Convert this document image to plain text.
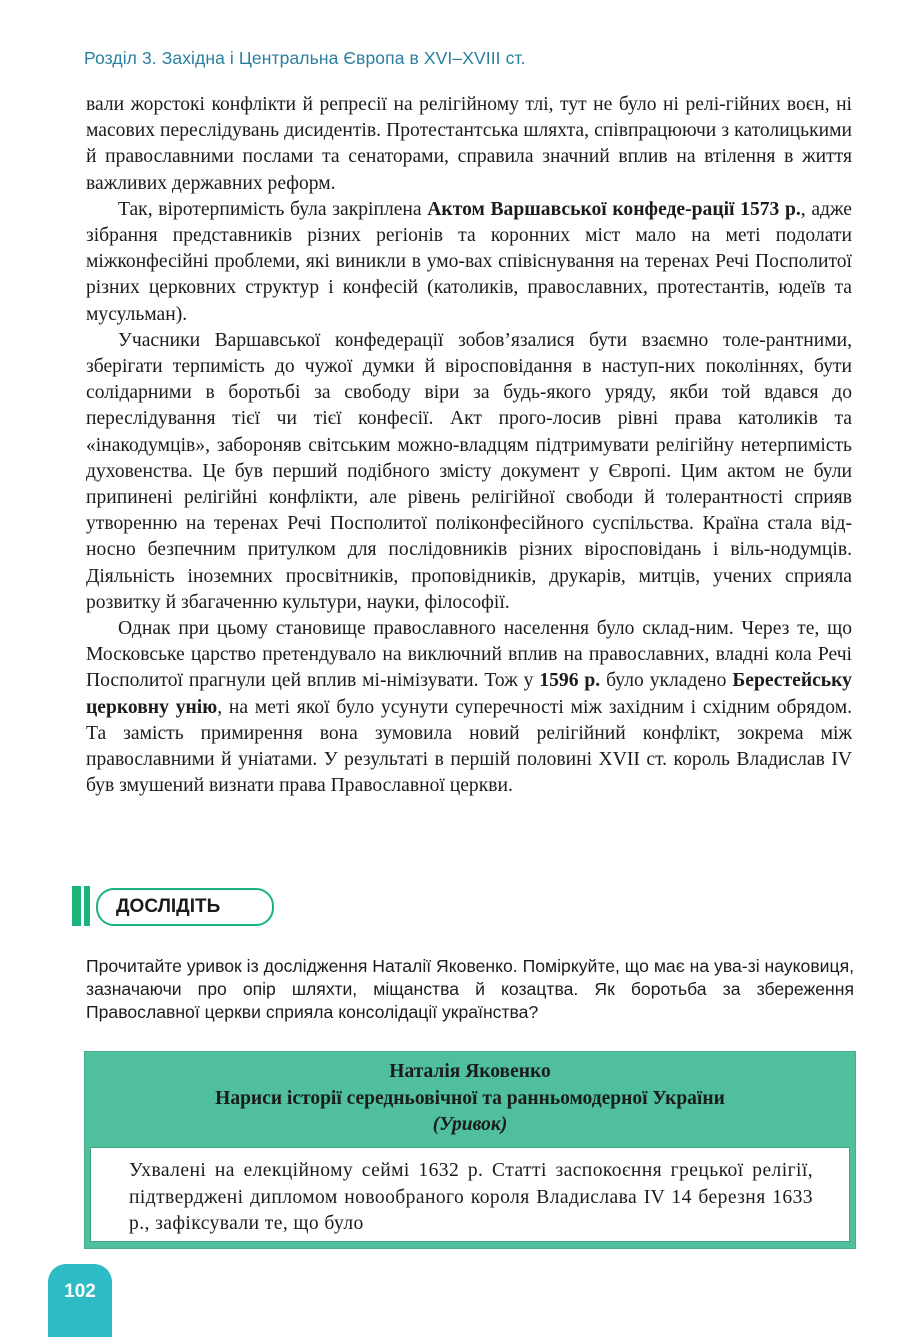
Розділ 3. Західна і Центральна Європа в XVI–XVIII ст.

вали жорстокі конфлікти й репресії на релігійному тлі, тут не було ні релі-гійних воєн, ні масових переслідувань дисидентів. Протестантська шляхта, співпрацюючи з католицькими й православними послами та сенаторами, справила значний вплив на втілення в життя важливих державних реформ.

Так, віротерпимість була закріплена Актом Варшавської конфеде-рації 1573 р., адже зібрання представників різних регіонів та коронних міст мало на меті подолати міжконфесійні проблеми, які виникли в умо-вах співіснування на теренах Речі Посполитої різних церковних структур і конфесій (католиків, православних, протестантів, юдеїв та мусульман).

Учасники Варшавської конфедерації зобов’язалися бути взаємно толе-рантними, зберігати терпимість до чужої думки й віросповідання в наступ-них поколіннях, бути солідарними в боротьбі за свободу віри за будь-якого уряду, якби той вдався до переслідування тієї чи тієї конфесії. Акт прого-лосив рівні права католиків та «інакодумців», забороняв світським можно-владцям підтримувати релігійну нетерпимість духовенства. Це був перший подібного змісту документ у Європі. Цим актом не були припинені релігійні конфлікти, але рівень релігійної свободи й толерантності сприяв утворенню на теренах Речі Посполитої поліконфесійного суспільства. Країна стала від-носно безпечним притулком для послідовників різних віросповідань і віль-нодумців. Діяльність іноземних просвітників, проповідників, друкарів, митців, учених сприяла розвитку й збагаченню культури, науки, філософії.

Однак при цьому становище православного населення було склад-ним. Через те, що Московське царство претендувало на виключний вплив на православних, владні кола Речі Посполитої прагнули цей вплив мі-німізувати. Тож у 1596 р. було укладено Берестейську церковну унію, на меті якої було усунути суперечності між західним і східним обрядом. Та замість примирення вона зумовила новий релігійний конфлікт, зокрема між православними й уніатами. У результаті в першій половині XVII ст. король Владислав IV був змушений визнати права Православної церкви.

ДОСЛІДІТЬ
Прочитайте уривок із дослідження Наталії Яковенко. Поміркуйте, що має на ува-зі науковиця, зазначаючи про опір шляхти, міщанства й козацтва. Як боротьба за збереження Православної церкви сприяла консолідації українства?
Наталія Яковенко
Нариси історії середньовічної та ранньомодерної України
(Уривок)
Ухвалені на елекційному сеймі 1632 р. Статті заспокоєння грецької релігії, підтверджені дипломом новообраного короля Владислава IV 14 березня 1633 р., зафіксували те, що було
102
